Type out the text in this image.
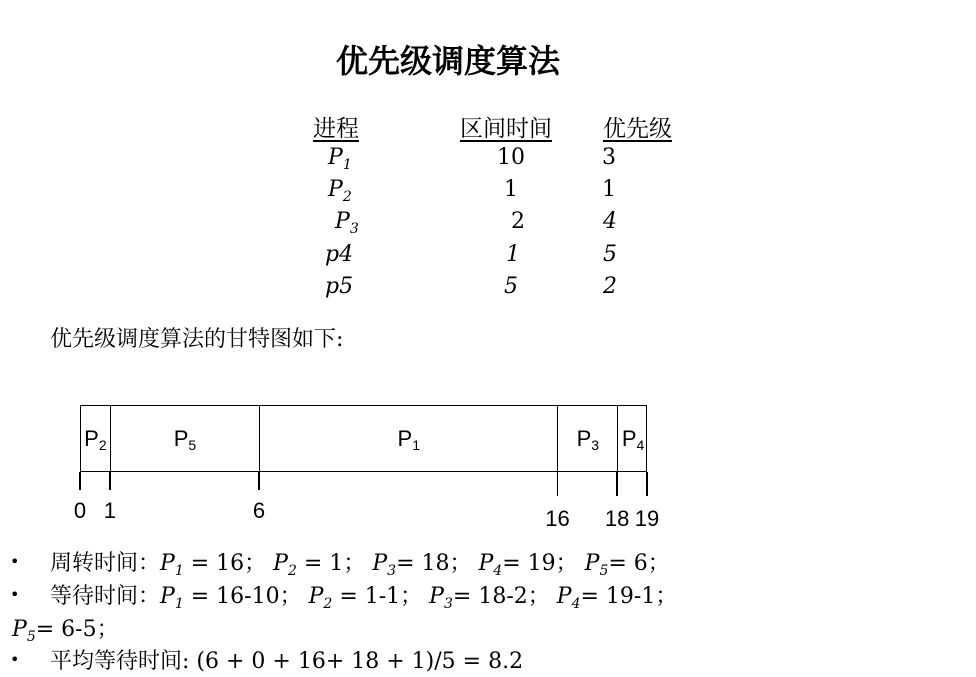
优先级调度算法
进程	区间时间 优先级
$P_1$	10	3
$P_2$	1	1
$P_3$	2	4
p4	1	5
p5	5	2
优先级调度算法的甘特图如下:
$P_2$	$P_5$	$P_1$	$P_3$ $P_4$
0 1	6	16 18 19
• 周转时间：$P_1 = 16$； $P_2 = 1$； $P_3= 18$； $P_4= 19$； $P_5= 6$；
• 等待时间：$P_1 = 16-10$； $P_2 = 1-1$； $P_3= 18-2$； $P_4= 19-1$；
$P_5= 6-5$；
• 平均等待时间: (6 + 0 + 16+ 18 + 1)/5 = 8.2
